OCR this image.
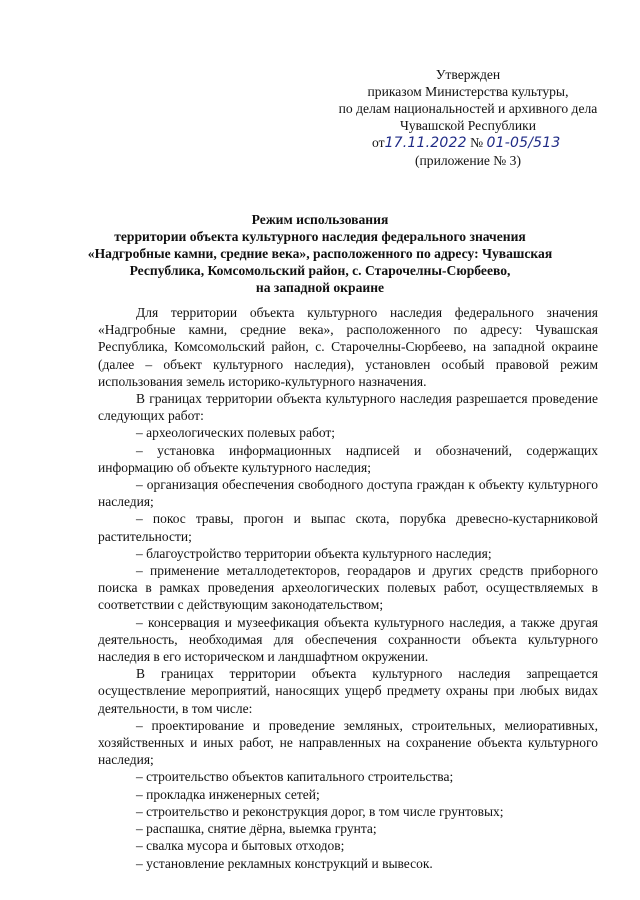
Утвержден
приказом Министерства культуры,
по делам национальностей и архивного дела
Чувашской Республики
от17.11.2022 № 01-05/513
(приложение № 3)
Режим использования
территории объекта культурного наследия федерального значения
«Надгробные камни, средние века», расположенного по адресу: Чувашская
Республика, Комсомольский район, с. Старочелны-Сюрбеево,
на западной окраине

Для территории объекта культурного наследия федерального значения «Надгробные камни, средние века», расположенного по адресу: Чувашская Республика, Комсомольский район, с. Старочелны-Сюрбеево, на западной окраине (далее – объект культурного наследия), установлен особый правовой режим использования земель историко-культурного назначения.

В границах территории объекта культурного наследия разрешается проведение следующих работ:

– археологических полевых работ;

– установка информационных надписей и обозначений, содержащих информацию об объекте культурного наследия;

– организация обеспечения свободного доступа граждан к объекту культурного наследия;

– покос травы, прогон и выпас скота, порубка древесно-кустарниковой растительности;

– благоустройство территории объекта культурного наследия;

– применение металлодетекторов, георадаров и других средств приборного поиска в рамках проведения археологических полевых работ, осуществляемых в соответствии с действующим законодательством;

– консервация и музеефикация объекта культурного наследия, а также другая деятельность, необходимая для обеспечения сохранности объекта культурного наследия в его историческом и ландшафтном окружении.

В границах территории объекта культурного наследия запрещается осуществление мероприятий, наносящих ущерб предмету охраны при любых видах деятельности, в том числе:

– проектирование и проведение земляных, строительных, мелиоративных, хозяйственных и иных работ, не направленных на сохранение объекта культурного наследия;

– строительство объектов капитального строительства;

– прокладка инженерных сетей;

– строительство и реконструкция дорог, в том числе грунтовых;

– распашка, снятие дёрна, выемка грунта;

– свалка мусора и бытовых отходов;

– установление рекламных конструкций и вывесок.
